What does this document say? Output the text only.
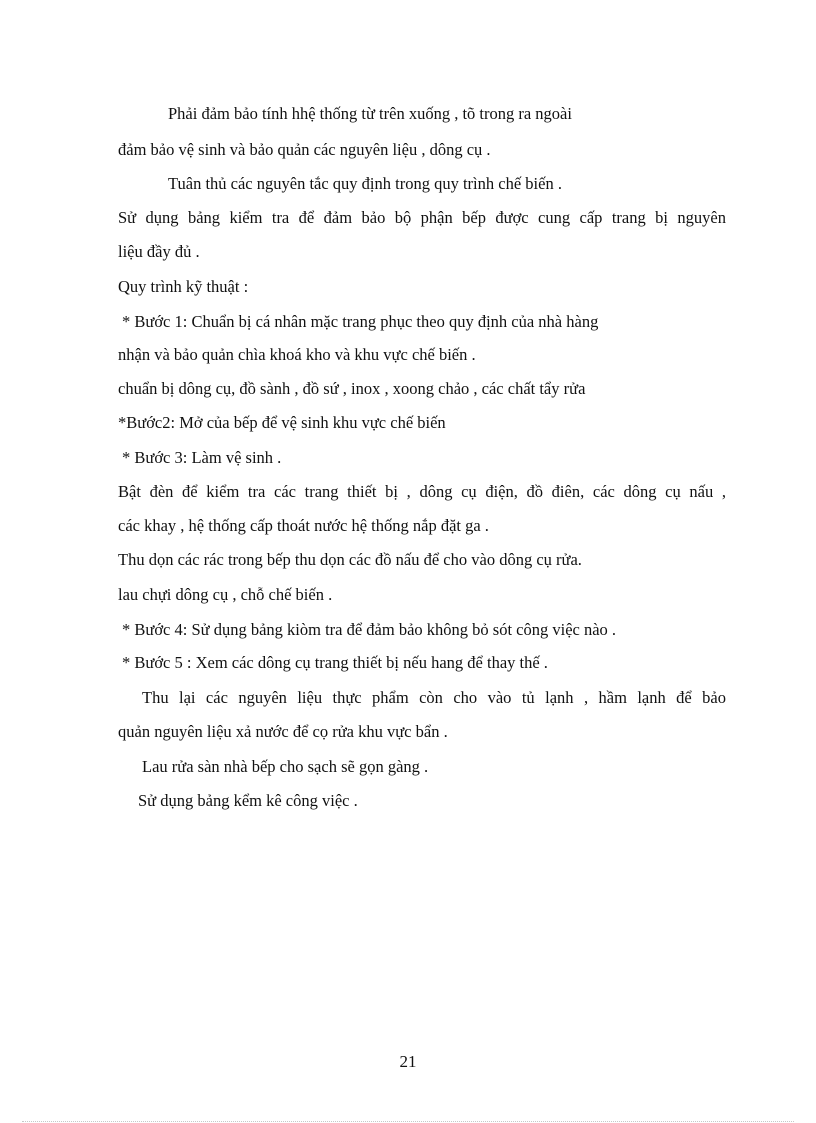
Phải đảm bảo tính hhệ thống từ trên xuống , tõ trong ra ngoài
đảm bảo vệ sinh và bảo quản các nguyên liệu , dông cụ .
Tuân thủ các nguyên tắc quy định trong quy trình chế biến .
Sử dụng bảng kiểm tra để đảm bảo bộ phận bếp được cung cấp trang bị nguyên
liệu đầy đủ .
Quy trình kỹ thuật :
* Bước 1: Chuẩn bị cá nhân mặc trang phục theo quy định của nhà hàng
nhận và bảo quản chìa khoá kho và khu vực chế biến .
chuẩn bị dông cụ, đồ sành , đồ sứ , inox , xoong chảo , các chất tẩy rửa
*Bước2: Mở của bếp để vệ sinh khu vực chế biến
* Bước 3: Làm vệ sinh .
Bật đèn để kiểm tra các trang thiết bị , dông cụ điện, đồ điên, các dông cụ nấu ,
các khay , hệ thống cấp thoát nước hệ thống nắp đặt ga .
Thu dọn các rác trong bếp thu dọn các đồ nấu để cho vào dông cụ rửa.
lau chựi dông cụ , chỗ chế biến .
* Bước 4: Sử dụng bảng kiòm tra để đảm bảo không bỏ sót công việc nào .
* Bước 5 : Xem các dông cụ trang thiết bị nếu hang để thay thế .
Thu lại các nguyên liệu thực phẩm còn cho vào tủ lạnh , hầm lạnh để bảo
quản nguyên liệu xả nước để cọ rửa khu vực bẩn .
Lau rửa sàn nhà bếp cho sạch sẽ gọn gàng .
Sử dụng bảng kểm kê công việc .
21
